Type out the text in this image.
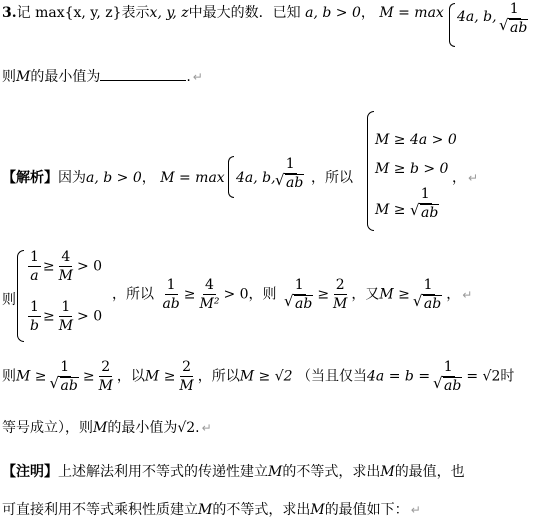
3.记 max{x, y, z}表示x, y, z中最大的数．已知 a, b > 0， M = max 4a, b, 1
√ ab
则M的最小值为	. ↵
【解析】因为a, b > 0， M = max 4a, b,
1
√ ab ，所以
M ≥ 4a > 0
M ≥ b > 0
M ≥ 1
√ ab
， ↵
则
$\frac{1}{a} \ge \frac{4}{M} > 0$
$\frac{1}{b} \ge \frac{1}{M} > 0$
，所以 $\frac{1}{ab} \ge \frac{4}{\text{M²}} > 0$，则 1
√ ab ≥ $\frac{2}{M}$ ，又M ≥ 1
√ ab ， ↵
则M ≥ 1
√ ab ≥ $\frac{2}{M}$ ，以$M \ge \frac{2}{M}$ ，所以M ≥ √2 （当且仅当4a = b = 1
√ ab = √2时
等号成立），则M的最小值为√2. ↵
【注明】上述解法利用不等式的传递性建立M的不等式，求出M的最值，也
可直接利用不等式乘积性质建立M的不等式，求出M的最值如下： ↵
